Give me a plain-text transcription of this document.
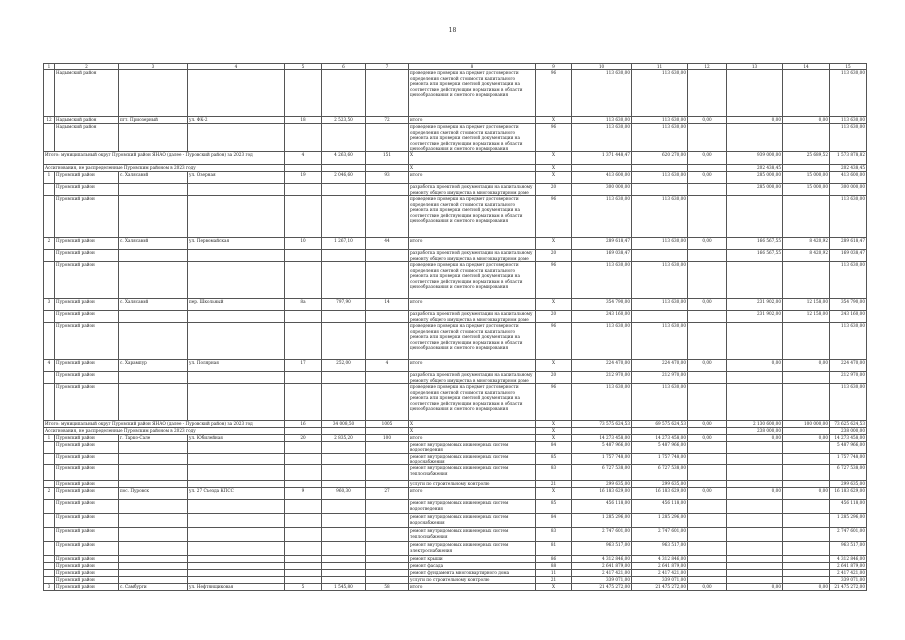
18
1	2	3	4	5	6	7	8	9	10	11	12	13	14	15
	Надымский район						проведение проверки на предмет достоверности определения сметной стоимости капитального ремонта или проверки сметной документации на соответствие действующим нормативам в области ценообразования и сметного нормирования	96	113 630,00	113 630,00				113 630,00
12	Надымский район	пгт. Приозерный	ул. ФК-2	18	2 523,50	72	итого	X	113 630,00	113 630,00	0,00	0,00	0,00	113 630,00
	Надымский район						проведение проверки на предмет достоверности определения сметной стоимости капитального ремонта или проверки сметной документации на соответствие действующим нормативам в области ценообразования и сметного нормирования	96	113 630,00	113 630,00				113 630,00
Итого: муниципальный округ Пуровский район ЯНАО (далее - Пуровский район) за 2023 год				4	4 263,60	151	X	X	1 371 448,47	620 270,00	0,00	939 000,00	25 689,52	1 573 878,82
Ассигнования, не распределенные Пуровским районом в 2023 году							X	X				202 438,45		202 438,45
1	Пуровский район	с. Халясавэй	ул. Озерная	19	2 046,60	93	итого	X	413 600,00	113 630,00	0,00	285 000,00	15 000,00	413 600,00
	Пуровский район						разработка проектной документации на капитальному ремонту общего имущества в многоквартирном доме	20	300 000,00			285 000,00	15 000,00	300 000,00
	Пуровский район						проведение проверки на предмет достоверности определения сметной стоимости капитального ремонта или проверки сметной документации на соответствие действующим нормативам в области ценообразования и сметного нормирования	96	113 630,00	113 630,00				113 630,00
2	Пуровский район	с. Халясавэй	ул. Первомайская	10	1 267,10	44	итого	X	289 618,47	113 630,00	0,00	166 567,55	8 420,92	289 618,47
	Пуровский район						разработка проектной документации на капитальному ремонту общего имущества в многоквартирном доме	20	169 038,47			166 567,55	8 420,92	169 038,47
	Пуровский район						проведение проверки на предмет достоверности определения сметной стоимости капитального ремонта или проверки сметной документации на соответствие действующим нормативам в области ценообразования и сметного нормирования	96	113 630,00	113 630,00				113 630,00
3	Пуровский район	с. Халясавэй	пер. Школьный	8а	797,90	14	итого	X	354 790,00	113 630,00	0,00	231 902,00	12 158,00	354 790,00
	Пуровский район						разработка проектной документации на капитальному ремонту общего имущества в многоквартирном доме	20	243 160,00			231 902,00	12 158,00	243 160,00
	Пуровский район						проведение проверки на предмет достоверности определения сметной стоимости капитального ремонта или проверки сметной документации на соответствие действующим нормативам в области ценообразования и сметного нормирования	96	113 630,00	113 630,00				113 630,00
4	Пуровский район	с. Харампур	ул. Полярная	17	252,00	4	итого	X	224 470,00	224 470,00	0,00	0,00	0,00	224 470,00
	Пуровский район						разработка проектной документации на капитальному ремонту общего имущества в многоквартирном доме	20	212 970,00	212 970,00				212 970,00
	Пуровский район						проведение проверки на предмет достоверности определения сметной стоимости капитального ремонта или проверки сметной документации на соответствие действующим нормативам в области ценообразования и сметного нормирования	96	113 630,00	113 630,00				113 630,00
Итого: муниципальный округ Пуровский район ЯНАО (далее - Пуровский район) за 2023 год				16	34 008,50	1005	X	X	73 575 624,53	69 575 624,53	0,00	2 130 600,00	100 000,00	73 625 624,53
Ассигнования, не распределенные Пуровским районом в 2023 году							X	X				238 000,00		238 000,00
1	Пуровский район	г. Тарко-Сале	ул. Юбилейная	20	2 835,20	100	итого	X	14 273 458,00	14 273 458,00	0,00	0,00	0,00	14 273 458,00
	Пуровский район						ремонт внутридомовых инженерных систем водоотведения	84	5 487 966,00	5 487 966,00				5 487 966,00
	Пуровский район						ремонт внутридомовых инженерных систем водоснабжения	85	1 757 748,00	1 757 748,00				1 757 748,00
	Пуровский район						ремонт внутридомовых инженерных систем теплоснабжения	83	6 727 538,00	6 727 538,00				6 727 538,00
	Пуровский район						услуги по строительному контролю	21	299 635,00	299 635,00				299 635,00
2	Пуровский район	пос. Пуровск	ул. 27 Съезда КПСС	9	960,30	27	итого	X	16 183 629,00	16 183 629,00	0,00	0,00	0,00	16 183 629,00
	Пуровский район						ремонт внутридомовых инженерных систем водоотведения	85	456 118,00	456 118,00				456 118,00
	Пуровский район						ремонт внутридомовых инженерных систем водоснабжения	84	1 285 296,00	1 285 296,00				1 285 296,00
	Пуровский район						ремонт внутридомовых инженерных систем теплоснабжения	83	2 747 601,00	2 747 601,00				2 747 601,00
	Пуровский район						ремонт внутридомовых инженерных систем электроснабжения	81	963 517,00	963 517,00				963 517,00
	Пуровский район						ремонт крыши	86	4 312 846,00	4 312 846,00				4 312 846,00
	Пуровский район						ремонт фасада	88	2 641 879,00	2 641 879,00				2 641 879,00
	Пуровский район						ремонт фундамента многоквартирного дома	11	2 417 421,00	2 417 421,00				2 417 421,00
	Пуровский район						услуги по строительному контролю	21	339 071,00	339 071,00				339 071,00
3	Пуровский район	с. Самбурги	ул. Нефтянщиковая	5	1 545,80	58	итого	X	21 475 272,00	21 475 272,00	0,00	0,00	0,00	21 475 272,00
